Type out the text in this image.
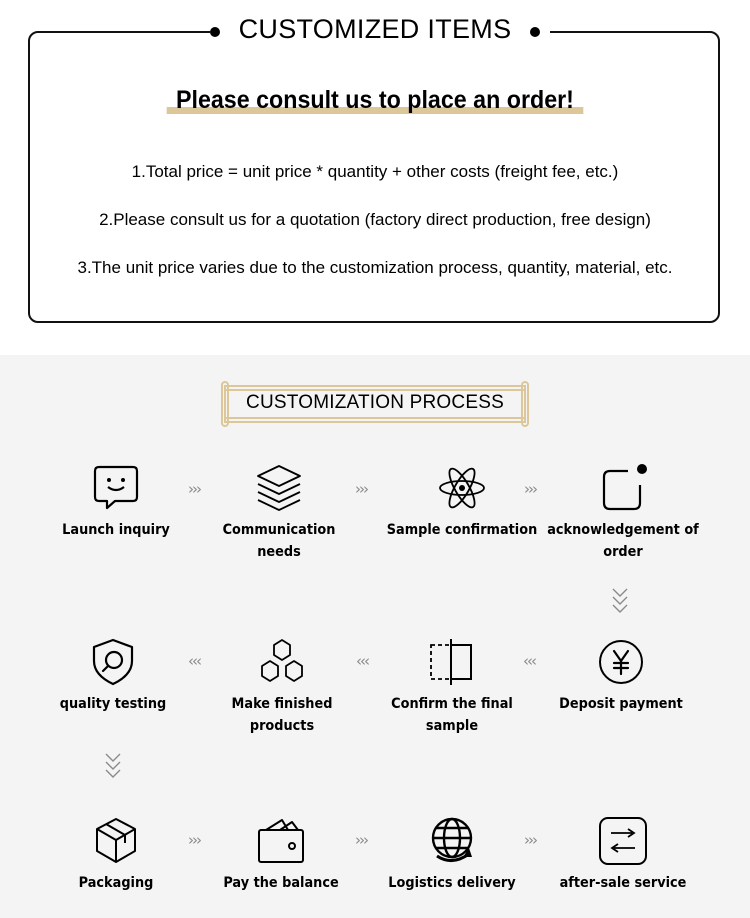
CUSTOMIZED ITEMS
Please consult us to place an order!
1.Total price = unit price * quantity + other costs (freight fee, etc.)
2.Please consult us for a quotation (factory direct production, free design)
3.The unit price varies due to the customization process, quantity, material, etc.
CUSTOMIZATION PROCESS
Launch inquiry	Communication needs
Sample confirmation acknowledgement of order
›››	›››	›››
quality testing	Make finished products
Confirm the final sample
Deposit payment
‹‹‹	‹‹‹	‹‹‹
Packaging	Pay the balance	Logistics delivery	after-sale service
›››	›››	›››
